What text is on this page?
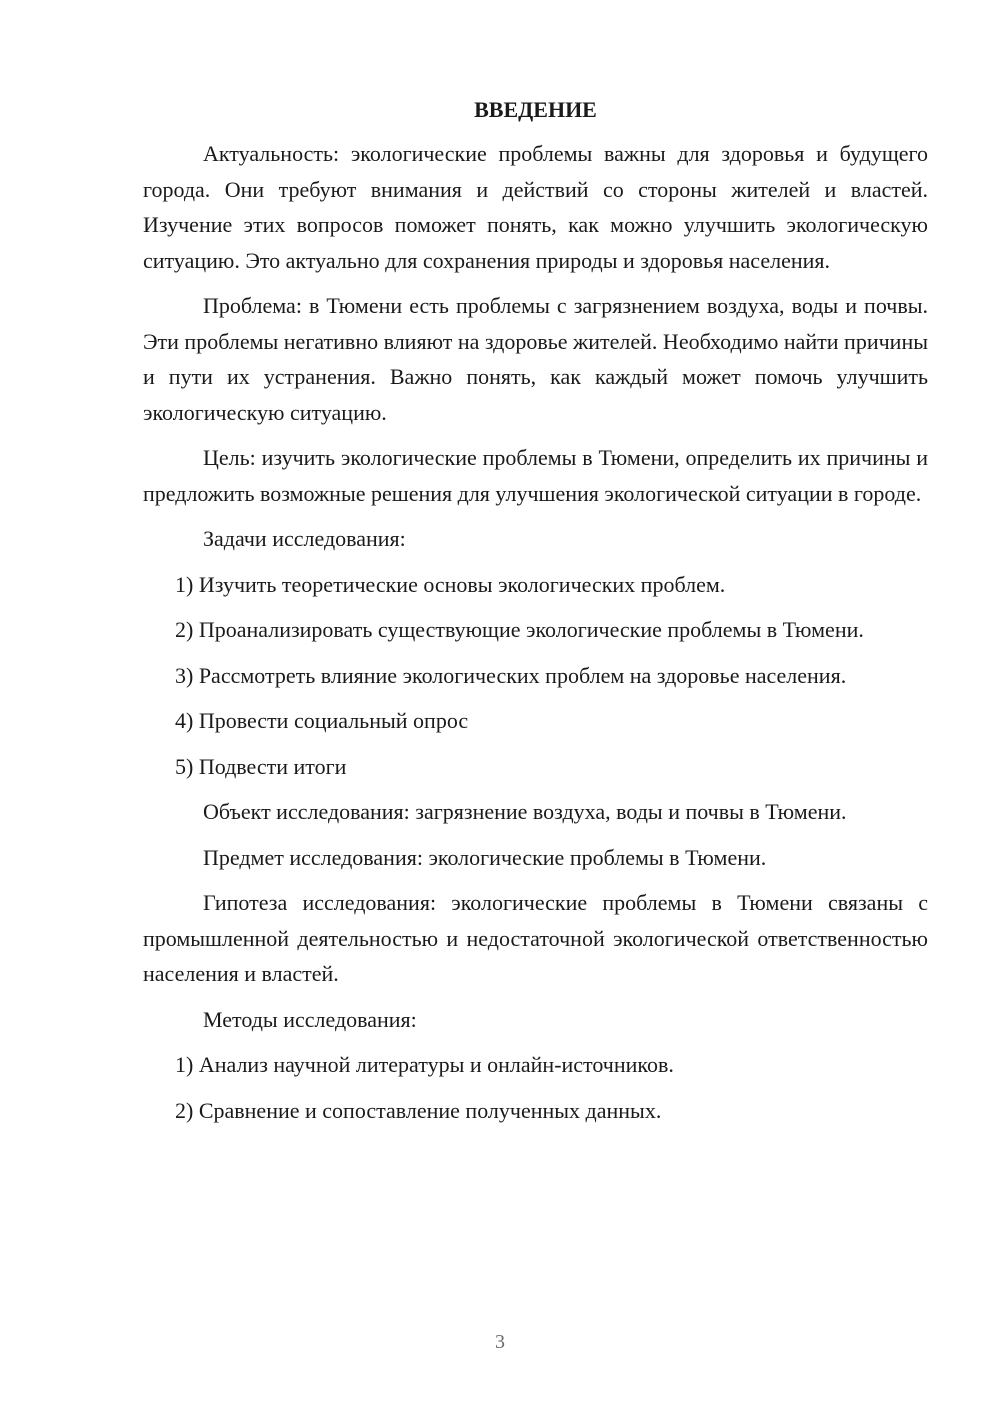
ВВЕДЕНИЕ

Актуальность: экологические проблемы важны для здоровья и будущего города. Они требуют внимания и действий со стороны жителей и властей. Изучение этих вопросов поможет понять, как можно улучшить экологическую ситуацию. Это актуально для сохранения природы и здоровья населения.

Проблема: в Тюмени есть проблемы с загрязнением воздуха, воды и почвы. Эти проблемы негативно влияют на здоровье жителей. Необходимо найти причины и пути их устранения. Важно понять, как каждый может помочь улучшить экологическую ситуацию.

Цель: изучить экологические проблемы в Тюмени, определить их причины и предложить возможные решения для улучшения экологической ситуации в городе.

Задачи исследования:

1) Изучить теоретические основы экологических проблем.

2) Проанализировать существующие экологические проблемы в Тюмени.

3) Рассмотреть влияние экологических проблем на здоровье населения.

4) Провести социальный опрос

5) Подвести итоги

Объект исследования: загрязнение воздуха, воды и почвы в Тюмени.

Предмет исследования: экологические проблемы в Тюмени.

Гипотеза исследования: экологические проблемы в Тюмени связаны с промышленной деятельностью и недостаточной экологической ответственностью населения и властей.

Методы исследования:

1) Анализ научной литературы и онлайн-источников.

2) Сравнение и сопоставление полученных данных.

3
